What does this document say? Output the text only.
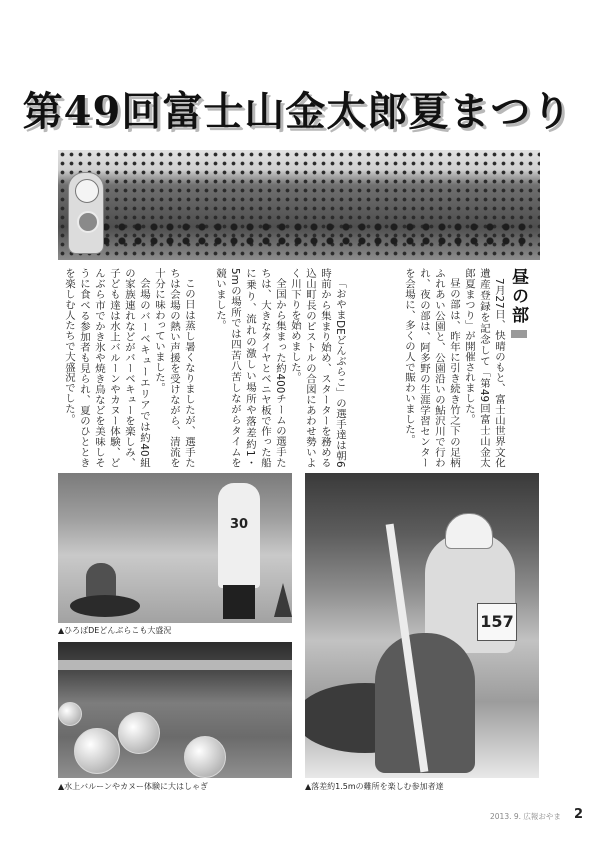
第49回富士山金太郎夏まつり
昼の部

7月27日、快晴のもと、富士山世界文化遺産登録を記念して「第49回富士山金太郎夏まつり」が開催されました。

昼の部は、昨年に引き続き竹之下の足柄ふれあい公園と、公園沿いの鮎沢川で行われ、夜の部は、阿多野の生涯学習センターを会場に、多くの人で賑わいました。

「おやまDEどんぶらこ」の選手達は朝6時前から集まり始め、スターターを務める込山町長のピストルの合図にあわせ勢いよく川下りを始めました。

全国から集まった約400チームの選手たちは、大きなタイヤとベニヤ板で作った船に乗り、流れの激しい場所や落差約1・5mの場所では四苦八苦しながらタイムを競いました。

この日は蒸し暑くなりましたが、選手たちは会場の熱い声援を受けながら、清流を十分に味わっていました。

会場のバーベキューエリアでは約40組の家族連れなどがバーベキューを楽しみ、子ども達は水上バルーンやカヌー体験、どんぶら市でかき氷や焼き鳥などを美味しそうに食べる参加者も見られ、夏のひとときを楽しむ人たちで大盛況でした。

30
▲ひろばDEどんぶらこも大盛況
▲水上バルーンやカヌー体験に大はしゃぎ
157
▲落差約1.5mの難所を楽しむ参加者達
2013. 9. 広報おやま 2
